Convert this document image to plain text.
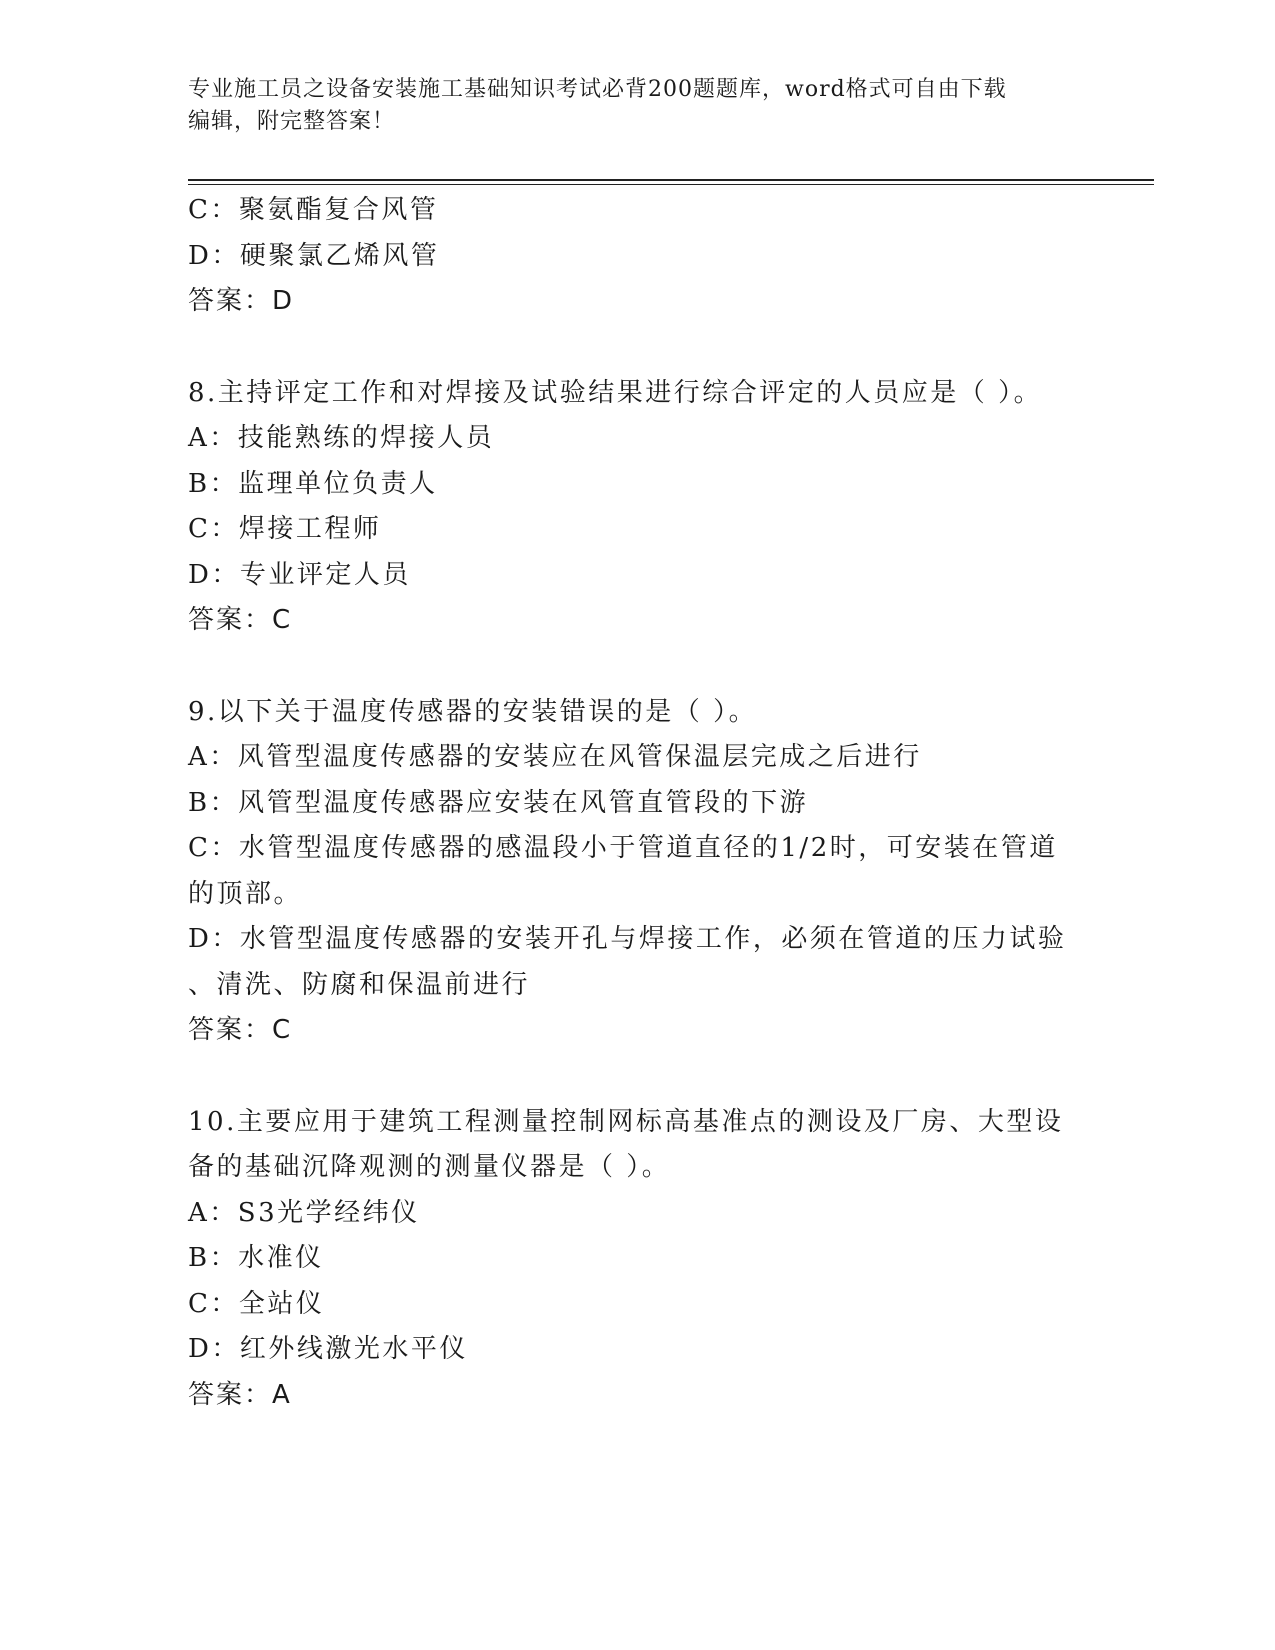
专业施工员之设备安装施工基础知识考试必背200题题库，word格式可自由下载
编辑，附完整答案！
C：聚氨酯复合风管
D：硬聚氯乙烯风管
答案：D
8.主持评定工作和对焊接及试验结果进行综合评定的人员应是（ ）。
A：技能熟练的焊接人员
B：监理单位负责人
C：焊接工程师
D：专业评定人员
答案：C
9.以下关于温度传感器的安装错误的是（ ）。
A：风管型温度传感器的安装应在风管保温层完成之后进行
B：风管型温度传感器应安装在风管直管段的下游
C：水管型温度传感器的感温段小于管道直径的1/2时，可安装在管道
的顶部。
D：水管型温度传感器的安装开孔与焊接工作，必须在管道的压力试验
、清洗、防腐和保温前进行
答案：C
10.主要应用于建筑工程测量控制网标高基准点的测设及厂房、大型设
备的基础沉降观测的测量仪器是（ ）。
A：S3光学经纬仪
B：水准仪
C：全站仪
D：红外线激光水平仪
答案：A
